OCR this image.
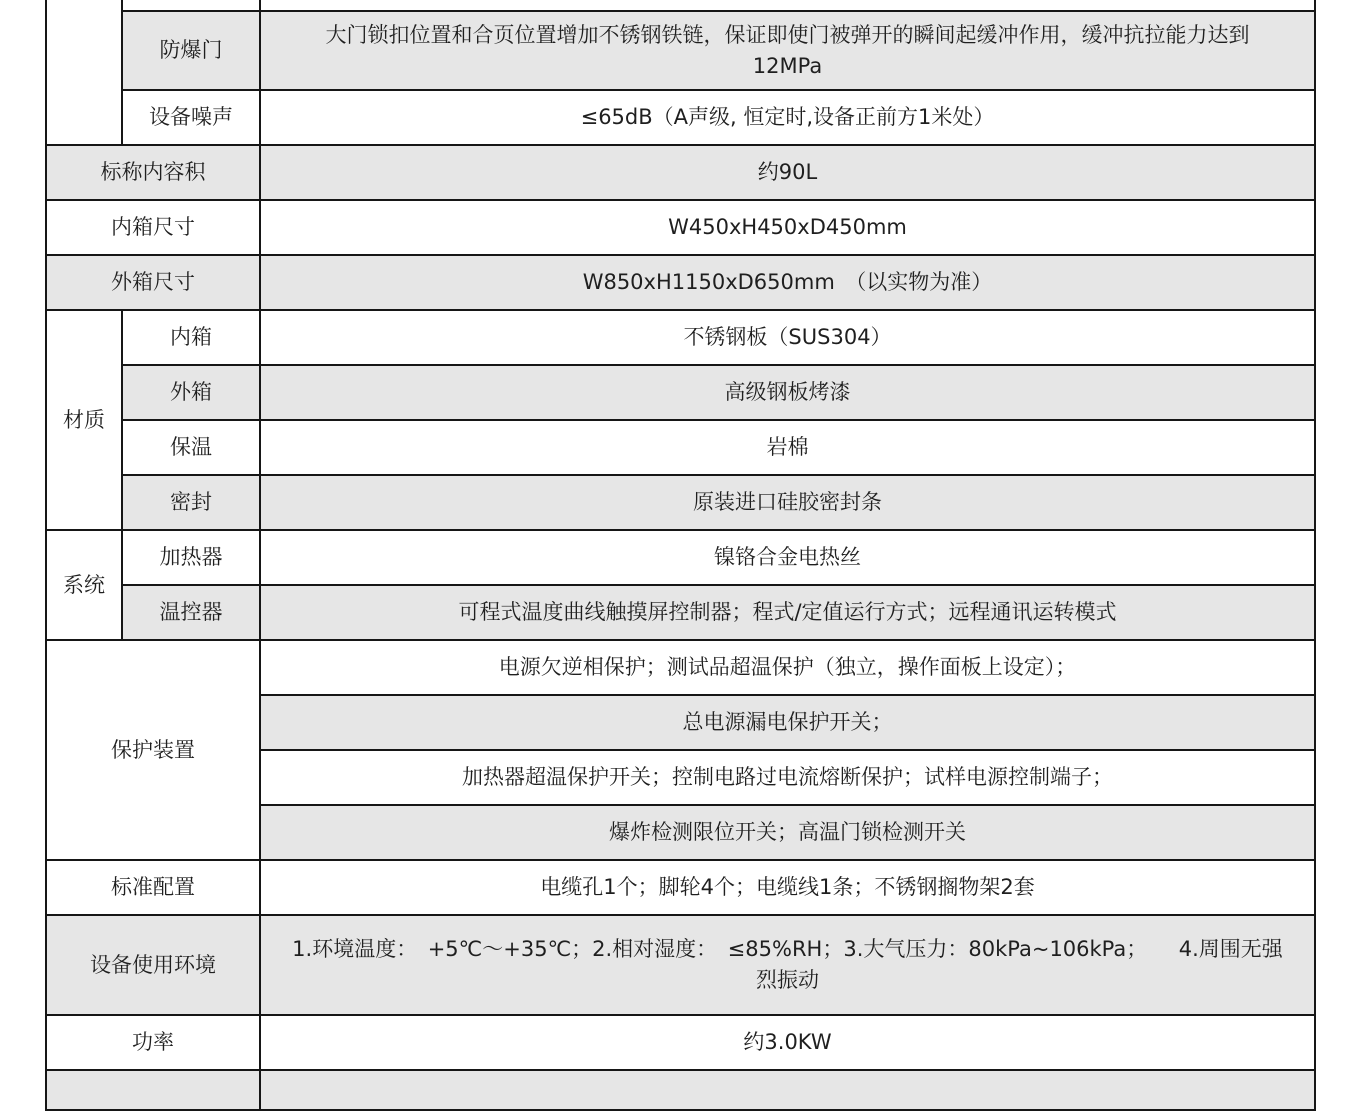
	防爆门	大门锁扣位置和合页位置增加不锈钢铁链，保证即使门被弹开的瞬间起缓冲作用，缓冲抗拉能力达到
12MPa

	设备噪声	≤65dB（A声级, 恒定时,设备正前方1米处）

标称内容积		约90L
内箱尺寸		W450xH450xD450mm
外箱尺寸		W850xH1150xD650mm　（以实物为准）
材质	内箱	不锈钢板（SUS304）
	外箱	高级钢板烤漆
	保温	岩棉
	密封	原装进口硅胶密封条
系统	加热器	镍铬合金电热丝
	温控器	可程式温度曲线触摸屏控制器；程式/定值运行方式；远程通讯运转模式
保护装置		电源欠逆相保护；测试品超温保护（独立，操作面板上设定）；
		总电源漏电保护开关；
		加热器超温保护开关；控制电路过电流熔断保护；试样电源控制端子；
		爆炸检测限位开关；高温门锁检测开关
标准配置		电缆孔1个；脚轮4个；电缆线1条；不锈钢搁物架2套
设备使用环境		1.环境温度：　+5℃～+35℃；2.相对湿度：　≤85%RH；3.大气压力：80kPa~106kPa；　　4.周围无强
烈振动

功率		约3.0KW
